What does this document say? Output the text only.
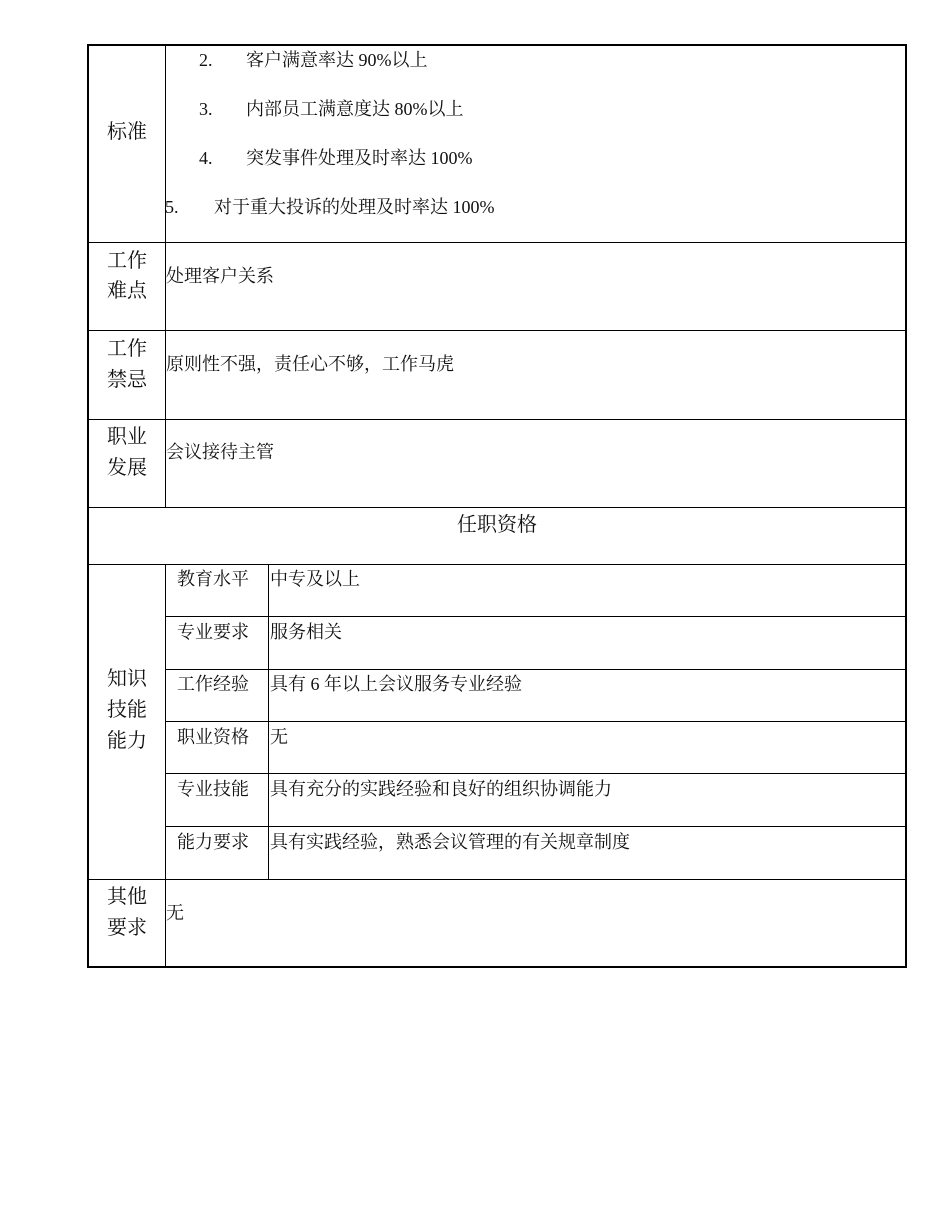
标准
2. 客户满意率达 90%以上
3. 内部员工满意度达 80%以上
4. 突发事件处理及时率达 100%
5. 对于重大投诉的处理及时率达 100%
工作
难点
处理客户关系
工作
禁忌
原则性不强，责任心不够，工作马虎
职业
发展
会议接待主管
任职资格
知识
技能
能力
教育水平 中专及以上
专业要求 服务相关
工作经验 具有 6 年以上会议服务专业经验
职业资格 无
专业技能 具有充分的实践经验和良好的组织协调能力
能力要求 具有实践经验，熟悉会议管理的有关规章制度
其他
要求
无
